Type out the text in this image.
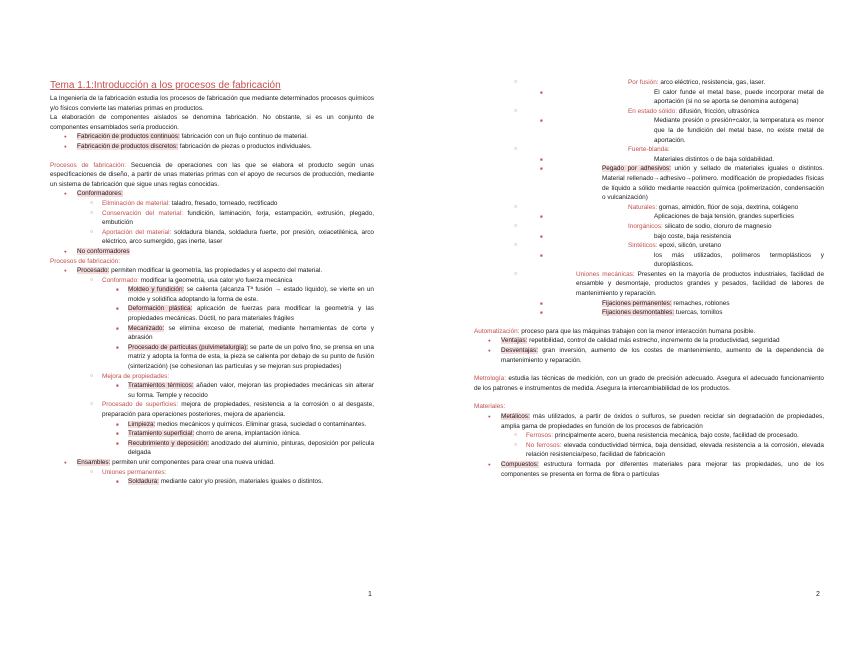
Tema 1.1:Introducción a los procesos de fabricación

La Ingeniería de la fabricación estudia los procesos de fabricación que mediante determinados procesos químicos y/o físicos convierte las materias primas en productos.

La elaboración de componentes aislados se denomina fabricación. No obstante, si es un conjunto de componentes ensamblados sería producción.

● Fabricación de productos continuos: fabricación con un flujo continuo de material.
● Fabricación de productos discretos: fabricación de piezas o productos individuales.

Procesos de fabricación: Secuencia de operaciones con las que se elabora el producto según unas especificaciones de diseño, a partir de unas materias primas con el apoyo de recursos de producción, mediante un sistema de fabricación que sigue unas reglas conocidas.

● Conformadores:
○ Eliminación de material: taladro, fresado, torneado, rectificado
○ Conservación del material: fundición, laminación, forja, estampación, extrusión, plegado, embutición
○ Aportación del material: soldadura blanda, soldadura fuerte, por presión, oxiacetilénica, arco eléctrico, arco sumergido, gas inerte, laser
● No conformadores

Procesos de fabricación:

● Procesado: permiten modificar la geometría, las propiedades y el aspecto del material.
○ Conformado: modificar la geometría, usa calor y/o fuerza mecánica
■ Moldeo y fundición: se calienta (alcanza Tª fusión → estado líquido), se vierte en un molde y solidifica adoptando la forma de este.
■ Deformación plástica: aplicación de fuerzas para modificar la geometría y las propiedades mecánicas. Dúctil, no para materiales frágiles
■ Mecanizado: se elimina exceso de material, mediante herramientas de corte y abrasión
■ Procesado de partículas (pulvimetalurgia): se parte de un polvo fino, se prensa en una matriz y adopta la forma de esta, la pieza se calienta por debajo de su punto de fusión (sinterización) (se cohesionan las partículas y se mejoran sus propiedades)
○ Mejora de propiedades:
■ Tratamientos térmicos: añaden valor, mejoran las propiedades mecánicas sin alterar su forma. Temple y recocido
○ Procesado de superficies: mejora de propiedades, resistencia a la corrosión o al desgaste, preparación para operaciones posteriores, mejora de apariencia.
■ Limpieza: medios mecánicos y químicos. Eliminar grasa, suciedad o contaminantes.
■ Tratamiento superficial: chorro de arena, implantación iónica.
■ Recubrimiento y deposición: anodizado del aluminio, pinturas, deposición por película delgada
● Ensambles: permiten unir componentes para crear una nueva unidad.
○ Uniones permanentes:
■ Soldadura: mediante calor y/o presión, materiales iguales o distintos.
1
○ Por fusión: arco eléctrico, resistencia, gas, laser.
■ El calor funde el metal base, puede incorporar metal de aportación (si no se aporta se denomina autógena)
○ En estado sólido: difusión, fricción, ultrasónica
■ Mediante presión o presión+calor, la temperatura es menor que la de fundición del metal base, no existe metal de aportación.
○ Fuerte-blanda:
■ Materiales distintos o de baja soldabilidad.
■ Pegado por adhesivos: unión y sellado de materiales iguales o distintos. Material rellenado→adhesivo→polímero. modificación de propiedades físicas de líquido a sólido mediante reacción química (polimerización, condensación o vulcanización)
○ Naturales: gomas, almidón, flúor de soja, dextrina, colágeno
■ Aplicaciones de baja tensión, grandes superficies
○ Inorgánicos: silicato de sodio, cloruro de magnesio
■ bajo coste, baja resistencia
○ Sintéticos: epoxi, silicón, uretano
■ los más utilizados, polímeros termoplásticos y duroplásticos.
○ Uniones mecánicas: Presentes en la mayoría de productos industriales, facilidad de ensamble y desmontaje, productos grandes y pesados, facilidad de labores de mantenimiento y reparación.
■ Fijaciones permanentes: remaches, roblones
■ Fijaciones desmontables: tuercas, tornillos

Automatización: proceso para que las máquinas trabajen con la menor interacción humana posible.

● Ventajas: repetibilidad, control de calidad más estrecho, incremento de la productividad, seguridad
● Desventajas: gran inversión, aumento de los costes de mantenimiento, aumento de la dependencia de mantenimiento y reparación.

Metrología: estudia las técnicas de medición, con un grado de precisión adecuado. Asegura el adecuado funcionamiento de los patrones e instrumentos de medida. Asegura la intercambiabilidad de los productos.

Materiales:

● Metálicos: más utilizados, a partir de óxidos o sulfuros, se pueden reciclar sin degradación de propiedades, amplia gama de propiedades en función de los procesos de fabricación
○ Ferrosos: principalmente acero, buena resistencia mecánica, bajo coste, facilidad de procesado.
○ No ferrosos: elevada conductividad térmica, baja densidad, elevada resistencia a la corrosión, elevada relación resistencia/peso, facilidad de fabricación
● Compuestos: estructura formada por diferentes materiales para mejorar las propiedades, uno de los componentes se presenta en forma de fibra o partículas
2
